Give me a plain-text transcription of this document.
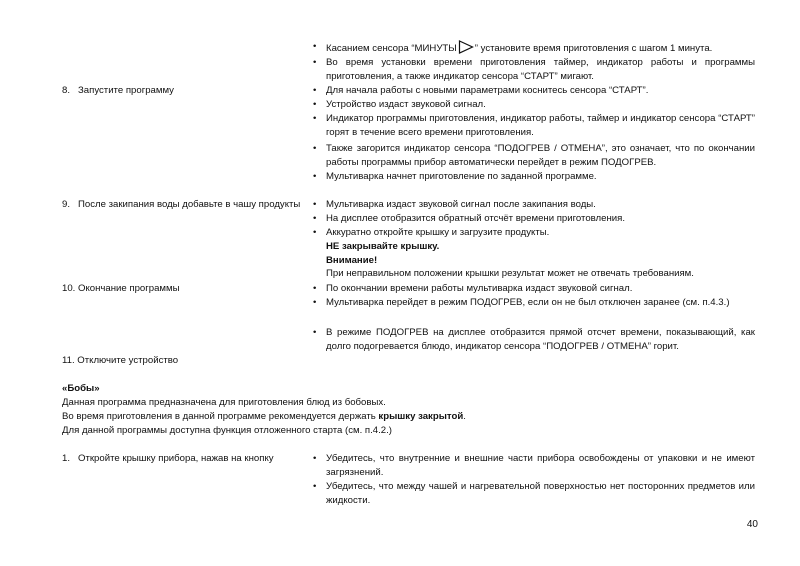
8.   Запустите программу
•	Касанием сенсора “МИНУТЫ ” установите время приготовления с шагом 1 минута.
•	Во время установки времени приготовления таймер, индикатор работы и программы приготовления, а также индикатор сенсора “СТАРТ” мигают.
•	Для начала работы с новыми параметрами коснитесь сенсора “СТАРТ”.
•	Устройство издаст звуковой сигнал.
•	Индикатор программы приготовления, индикатор работы, таймер и индикатор сенсора “СТАРТ” горят в течение всего времени приготовления.
•	Также загорится индикатор сенсора “ПОДОГРЕВ / ОТМЕНА”, это означает, что по окончании работы программы прибор автоматически перейдет в режим ПОДОГРЕВ.
•	Мультиварка начнет приготовление по заданной программе.
9.   После закипания воды добавьте в чашу продукты •	Мультиварка издаст звуковой сигнал после закипания воды.
•	На дисплее отобразится обратный отсчёт времени приготовления.
•	Аккуратно откройте крышку и загрузите продукты.
НЕ закрывайте крышку.
Внимание!
При неправильном положении крышки результат может не отвечать требованиям.
10. Окончание программы	•	По окончании времени работы мультиварка издаст звуковой сигнал.
•	Мультиварка перейдет в режим ПОДОГРЕВ, если он не был отключен заранее (см. п.4.3.)
•	В режиме ПОДОГРЕВ на дисплее отобразится прямой отсчет времени, показывающий, как долго подогревается блюдо, индикатор сенсора “ПОДОГРЕВ / ОТМЕНА” горит.
11. Отключите устройство
«Бобы»
Данная программа предназначена для приготовления блюд из бобовых.
Во время приготовления в данной программе рекомендуется держать крышку закрытой.
Для данной программы доступна функция отложенного старта (см. п.4.2.)
1.   Откройте крышку прибора, нажав на кнопку	•	Убедитесь, что внутренние и внешние части прибора освобождены от упаковки и не имеют загрязнений.
•	Убедитесь, что между чашей и нагревательной поверхностью нет посторонних предметов или жидкости.
40
